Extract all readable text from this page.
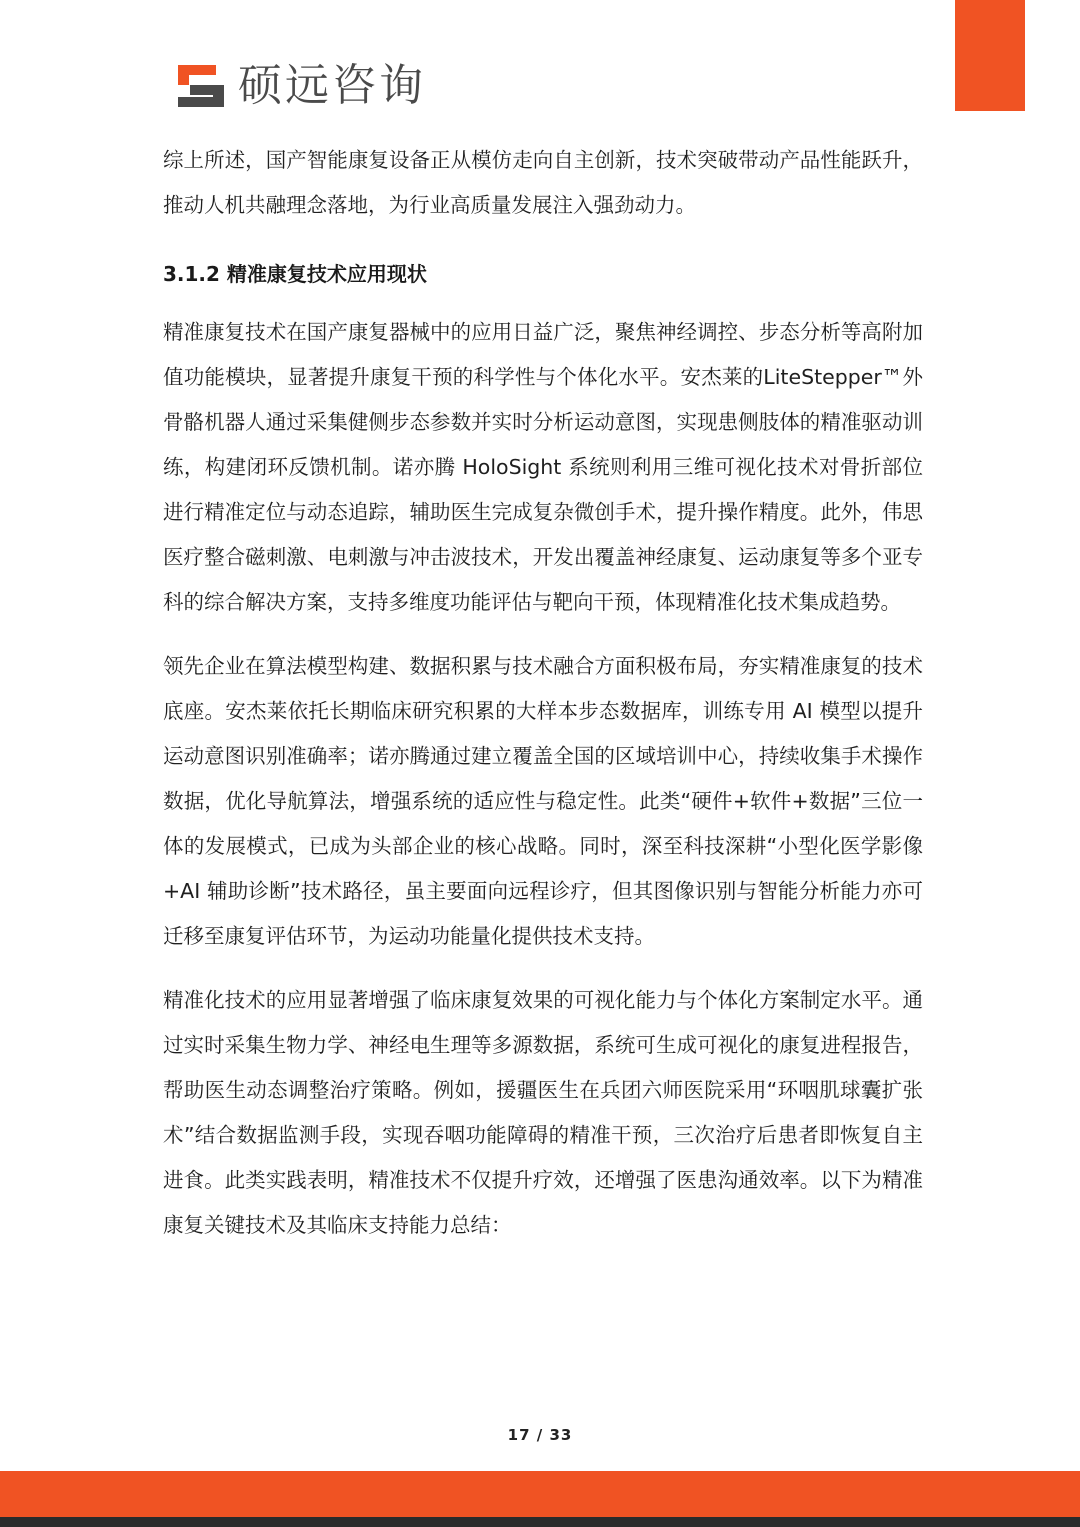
硕远咨询

综上所述，国产智能康复设备正从模仿走向自主创新，技术突破带动产品性能跃升，推动人机共融理念落地，为行业高质量发展注入强劲动力。

3.1.2 精准康复技术应用现状

精准康复技术在国产康复器械中的应用日益广泛，聚焦神经调控、步态分析等高附加值功能模块，显著提升康复干预的科学性与个体化水平。安杰莱的LiteStepper™外骨骼机器人通过采集健侧步态参数并实时分析运动意图，实现患侧肢体的精准驱动训练，构建闭环反馈机制。诺亦腾 HoloSight 系统则利用三维可视化技术对骨折部位进行精准定位与动态追踪，辅助医生完成复杂微创手术，提升操作精度。此外，伟思医疗整合磁刺激、电刺激与冲击波技术，开发出覆盖神经康复、运动康复等多个亚专科的综合解决方案，支持多维度功能评估与靶向干预，体现精准化技术集成趋势。

领先企业在算法模型构建、数据积累与技术融合方面积极布局，夯实精准康复的技术底座。安杰莱依托长期临床研究积累的大样本步态数据库，训练专用 AI 模型以提升运动意图识别准确率；诺亦腾通过建立覆盖全国的区域培训中心，持续收集手术操作数据，优化导航算法，增强系统的适应性与稳定性。此类“硬件+软件+数据”三位一体的发展模式，已成为头部企业的核心战略。同时，深至科技深耕“小型化医学影像+AI 辅助诊断”技术路径，虽主要面向远程诊疗，但其图像识别与智能分析能力亦可迁移至康复评估环节，为运动功能量化提供技术支持。

精准化技术的应用显著增强了临床康复效果的可视化能力与个体化方案制定水平。通过实时采集生物力学、神经电生理等多源数据，系统可生成可视化的康复进程报告，帮助医生动态调整治疗策略。例如，援疆医生在兵团六师医院采用“环咽肌球囊扩张术”结合数据监测手段，实现吞咽功能障碍的精准干预，三次治疗后患者即恢复自主进食。此类实践表明，精准技术不仅提升疗效，还增强了医患沟通效率。以下为精准康复关键技术及其临床支持能力总结：

17 / 33
